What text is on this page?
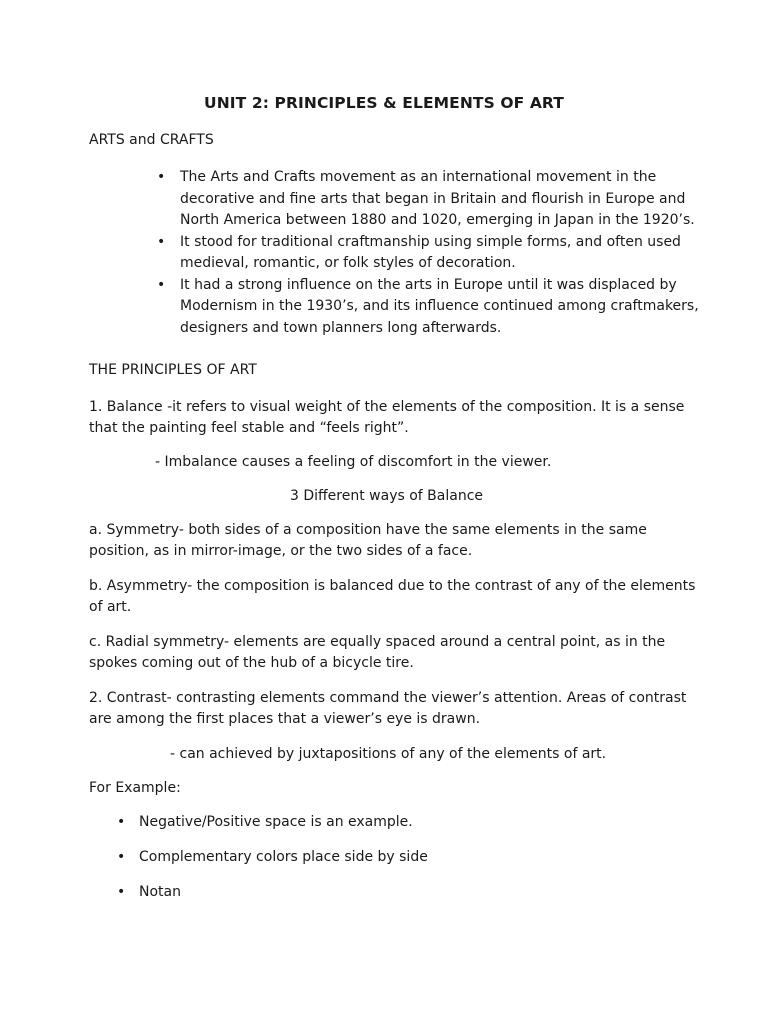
UNIT 2: PRINCIPLES & ELEMENTS OF ART
ARTS and CRAFTS
• The Arts and Crafts movement as an international movement in the decorative and fine arts that began in Britain and flourish in Europe and North America between 1880 and 1020, emerging in Japan in the 1920’s.
• It stood for traditional craftmanship using simple forms, and often used medieval, romantic, or folk styles of decoration.
• It had a strong influence on the arts in Europe until it was displaced by Modernism in the 1930’s, and its influence continued among craftmakers, designers and town planners long afterwards.
THE PRINCIPLES OF ART
1. Balance -it refers to visual weight of the elements of the composition. It is a sense
that the painting feel stable and “feels right”.
- Imbalance causes a feeling of discomfort in the viewer.
3 Different ways of Balance
a. Symmetry- both sides of a composition have the same elements in the same
position, as in mirror-image, or the two sides of a face.
b. Asymmetry- the composition is balanced due to the contrast of any of the elements
of art.
c. Radial symmetry- elements are equally spaced around a central point, as in the
spokes coming out of the hub of a bicycle tire.
2. Contrast- contrasting elements command the viewer’s attention. Areas of contrast
are among the first places that a viewer’s eye is drawn.
- can achieved by juxtapositions of any of the elements of art.
For Example:
• Negative/Positive space is an example.
• Complementary colors place side by side
• Notan
